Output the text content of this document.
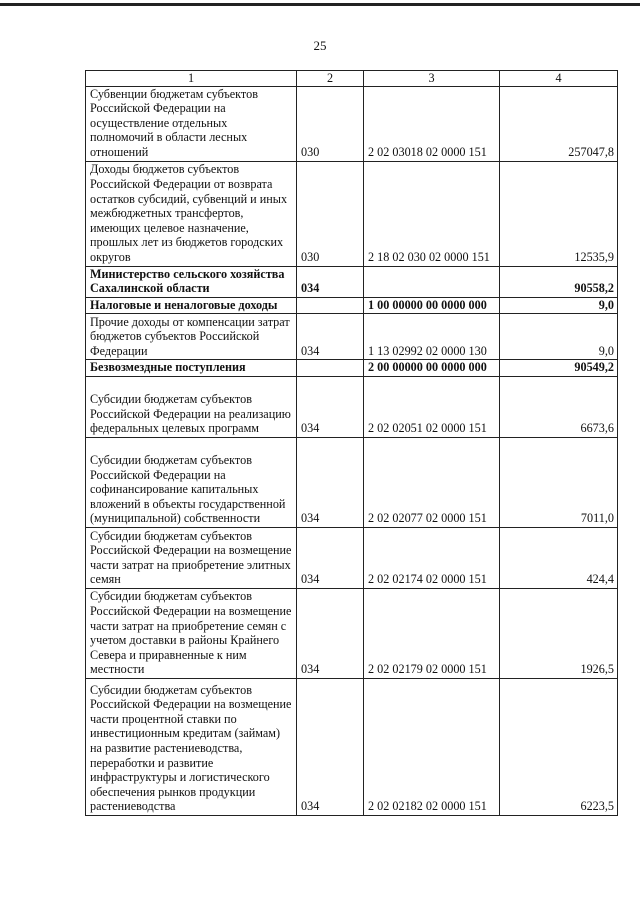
25
1	2	3	4
Субвенции бюджетам субъектов Российской Федерации на осуществление отдельных полномочий в области лесных отношений	030	2 02 03018 02 0000 151	257047,8
Доходы бюджетов субъектов Российской Федерации от возврата остатков субсидий, субвенций и иных межбюджетных трансфертов, имеющих целевое назначение, прошлых лет из бюджетов городских округов	030	2 18 02 030 02 0000 151	12535,9
Министерство сельского хозяйства Сахалинской области	034		90558,2
Налоговые и неналоговые доходы		1 00 00000 00 0000 000	9,0
Прочие доходы от компенсации затрат бюджетов субъектов Российской Федерации	034	1 13 02992 02 0000 130	9,0
Безвозмездные поступления		2 00 00000 00 0000 000	90549,2
Субсидии бюджетам субъектов Российской Федерации на реализацию федеральных целевых программ	034	2 02 02051 02 0000 151	6673,6
Субсидии бюджетам субъектов Российской Федерации на софинансирование капитальных вложений в объекты государственной (муниципальной) собственности	034	2 02 02077 02 0000 151	7011,0
Субсидии бюджетам субъектов Российской Федерации на возмещение части затрат на приобретение элитных семян	034	2 02 02174 02 0000 151	424,4
Субсидии бюджетам субъектов Российской Федерации на возмещение части затрат на приобретение семян с учетом доставки в районы Крайнего Севера и приравненные к ним местности	034	2 02 02179 02 0000 151	1926,5
Субсидии бюджетам субъектов Российской Федерации на возмещение части процентной ставки по инвестиционным кредитам (займам) на развитие растениеводства, переработки и развитие инфраструктуры и логистического обеспечения рынков продукции растениеводства	034	2 02 02182 02 0000 151	6223,5
